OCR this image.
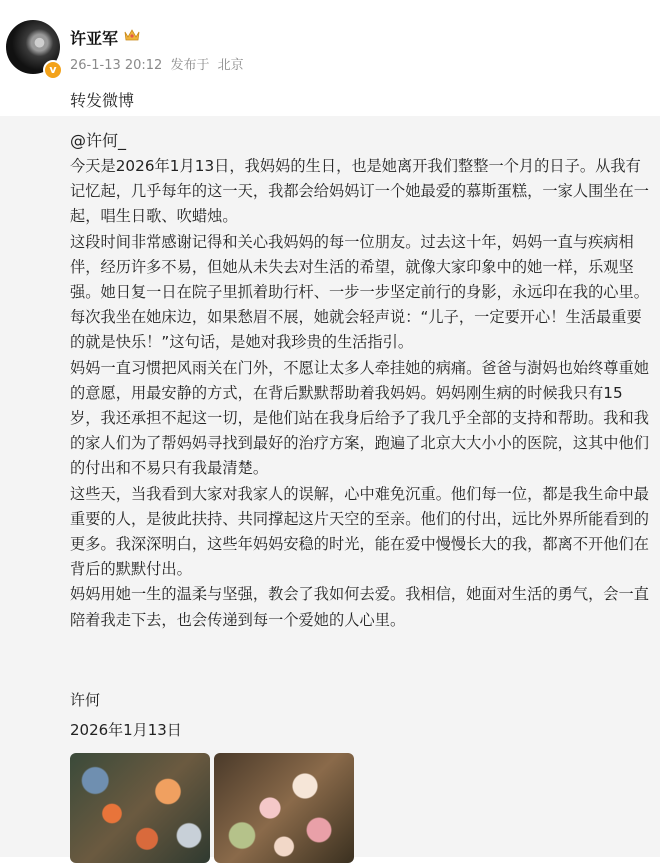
v
许亚军
26-1-13 20:12 发布于 北京
转发微博
@许何_

今天是2026年1月13日，我妈妈的生日，也是她离开我们整整一个月的日子。从我有记忆起，几乎每年的这一天，我都会给妈妈订一个她最爱的慕斯蛋糕，一家人围坐在一起，唱生日歌、吹蜡烛。

这段时间非常感谢记得和关心我妈妈的每一位朋友。过去这十年，妈妈一直与疾病相伴，经历许多不易，但她从未失去对生活的希望，就像大家印象中的她一样，乐观坚强。她日复一日在院子里抓着助行杆、一步一步坚定前行的身影，永远印在我的心里。每次我坐在她床边，如果愁眉不展，她就会轻声说：“儿子，一定要开心！生活最重要的就是快乐！”这句话，是她对我珍贵的生活指引。

妈妈一直习惯把风雨关在门外，不愿让太多人牵挂她的病痛。爸爸与澍妈也始终尊重她的意愿，用最安静的方式，在背后默默帮助着我妈妈。妈妈刚生病的时候我只有15岁，我还承担不起这一切，是他们站在我身后给予了我几乎全部的支持和帮助。我和我的家人们为了帮妈妈寻找到最好的治疗方案，跑遍了北京大大小小的医院，这其中他们的付出和不易只有我最清楚。

这些天，当我看到大家对我家人的误解，心中难免沉重。他们每一位，都是我生命中最重要的人，是彼此扶持、共同撑起这片天空的至亲。他们的付出，远比外界所能看到的更多。我深深明白，这些年妈妈安稳的时光，能在爱中慢慢长大的我，都离不开他们在背后的默默付出。

妈妈用她一生的温柔与坚强，教会了我如何去爱。我相信，她面对生活的勇气，会一直陪着我走下去，也会传递到每一个爱她的人心里。

许何
2026年1月13日
